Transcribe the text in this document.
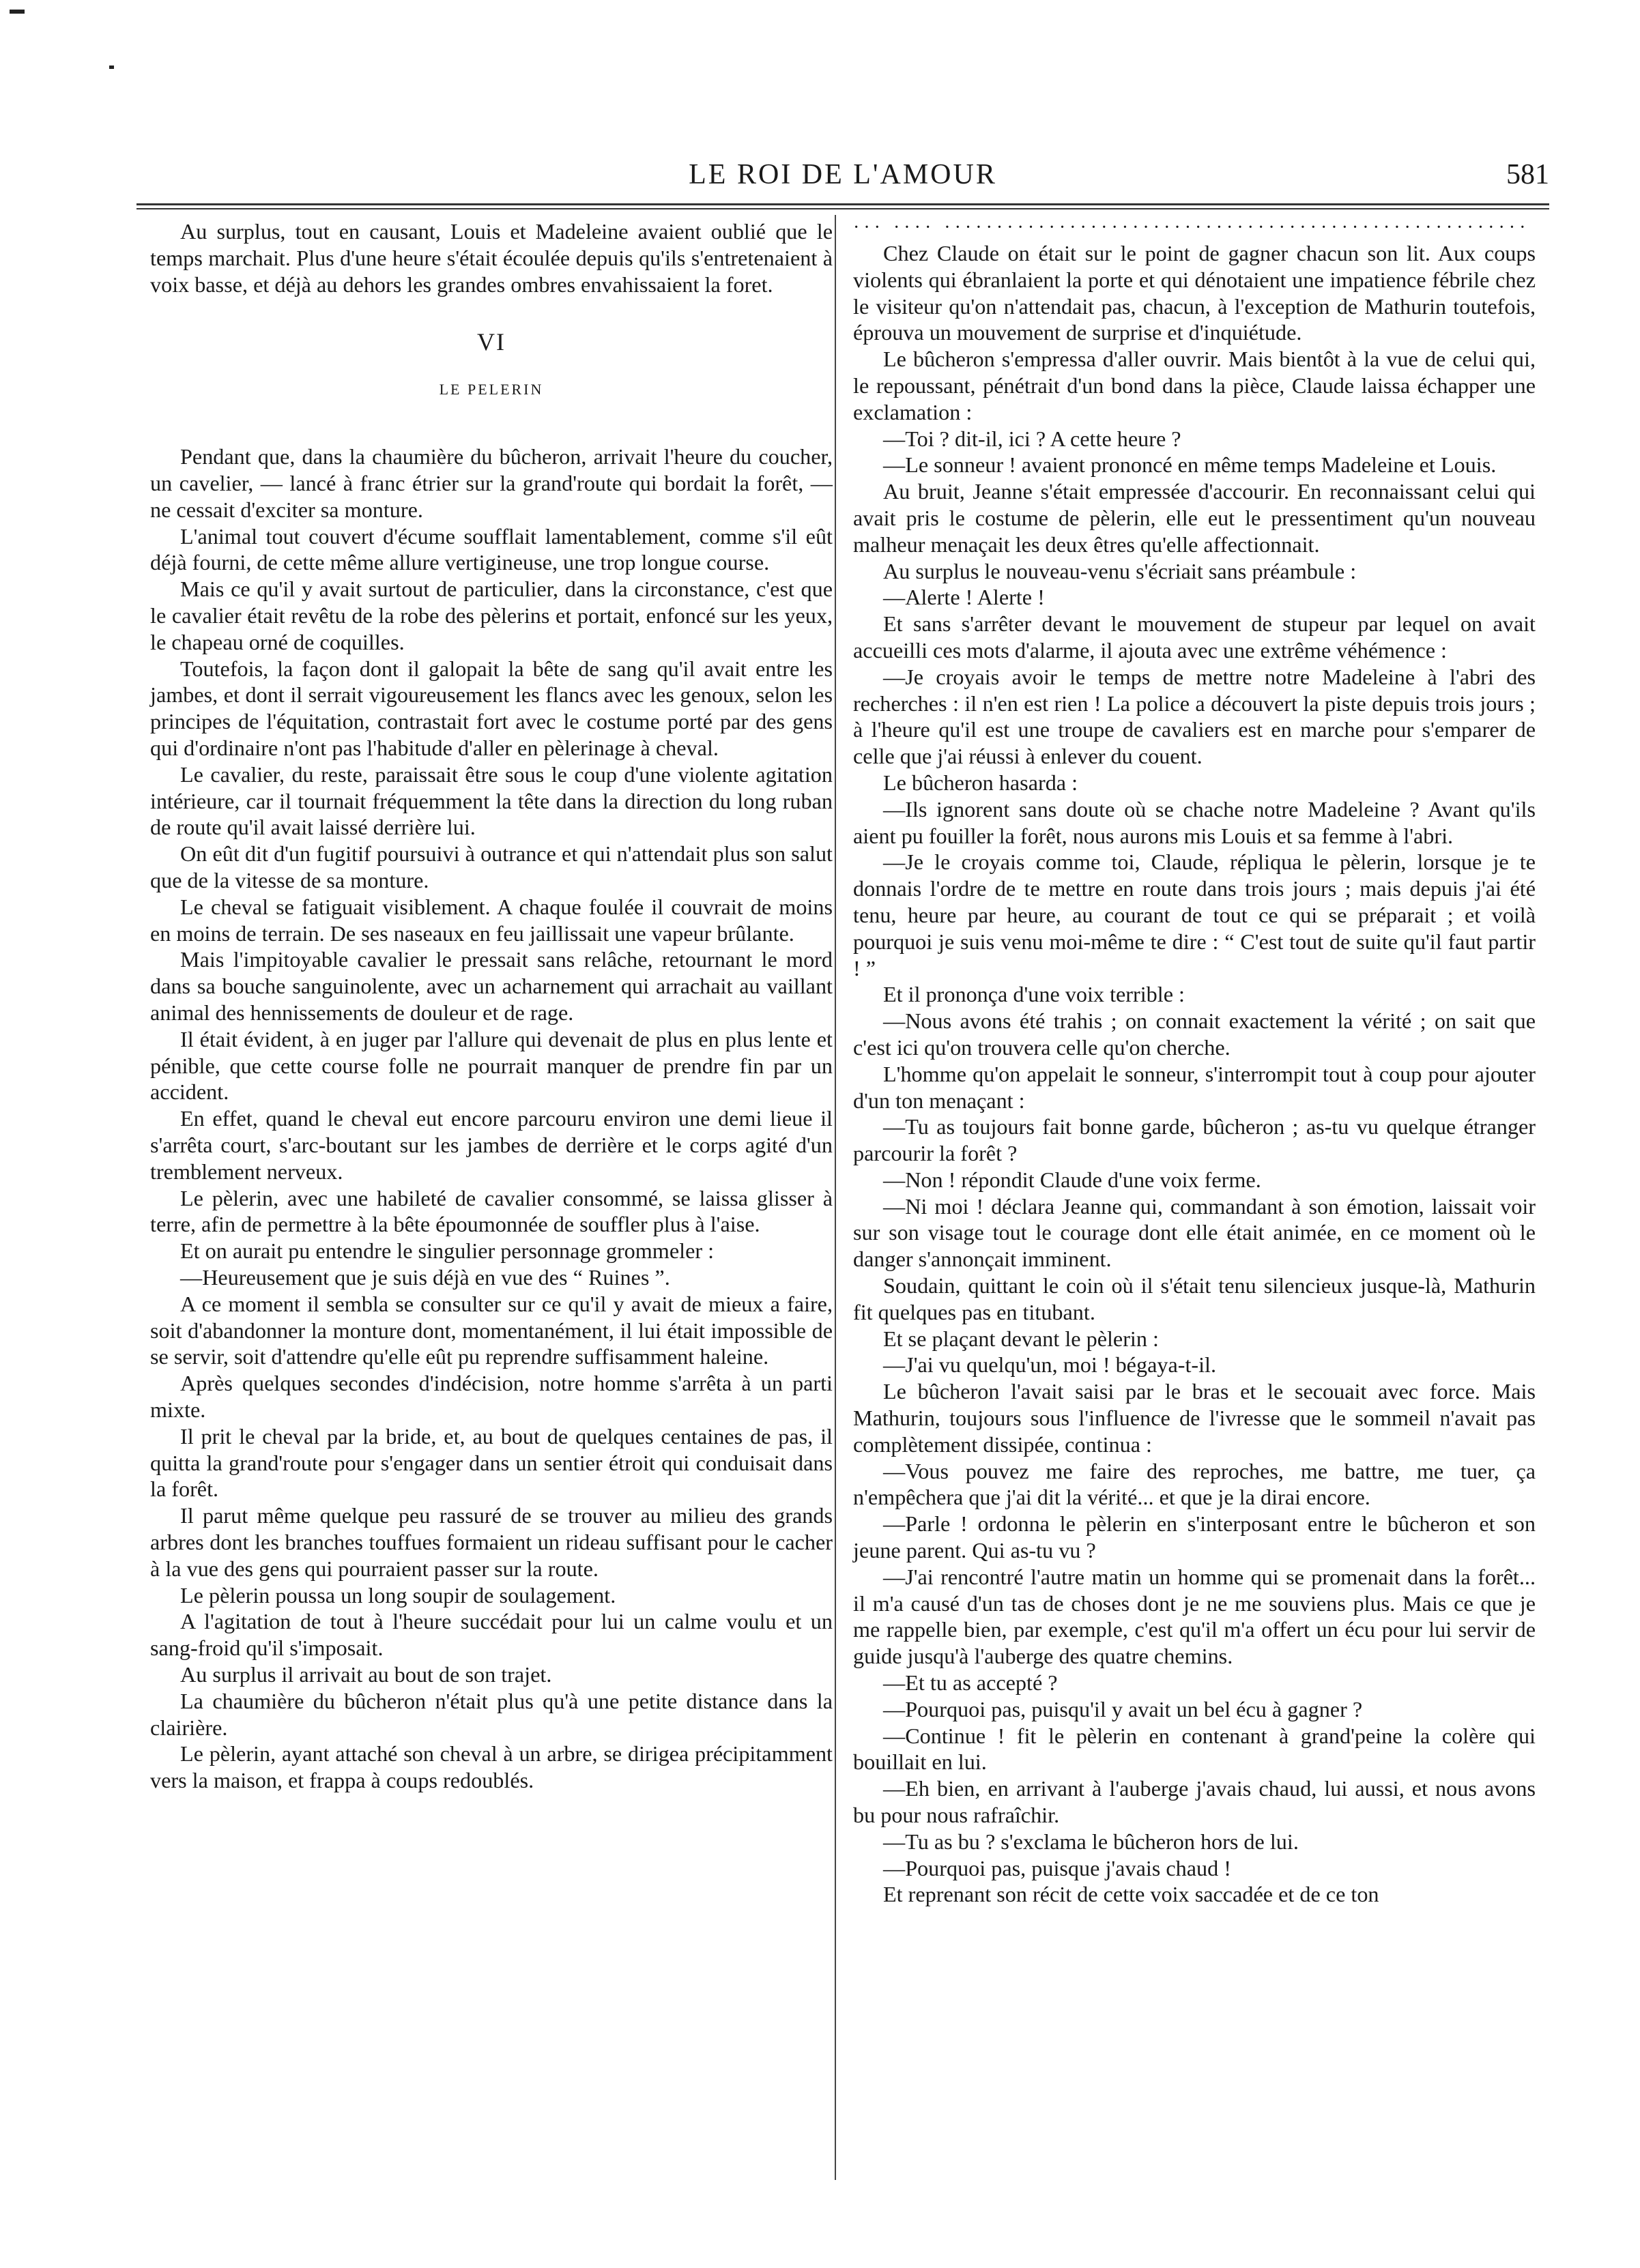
LE ROI DE L'AMOUR	581

Au surplus, tout en causant, Louis et Madeleine avaient oublié que le temps marchait. Plus d'une heure s'était écoulée depuis qu'ils s'entretenaient à voix basse, et déjà au dehors les grandes ombres envahissaient la foret.

VI
LE PELERIN

Pendant que, dans la chaumière du bûcheron, arrivait l'heure du coucher, un cavelier, — lancé à franc étrier sur la grand'route qui bordait la forêt, — ne cessait d'exciter sa monture.

L'animal tout couvert d'écume soufflait lamentablement, comme s'il eût déjà fourni, de cette même allure vertigineuse, une trop longue course.

Mais ce qu'il y avait surtout de particulier, dans la circonstance, c'est que le cavalier était revêtu de la robe des pèlerins et portait, enfoncé sur les yeux, le chapeau orné de coquilles.

Toutefois, la façon dont il galopait la bête de sang qu'il avait entre les jambes, et dont il serrait vigoureusement les flancs avec les genoux, selon les principes de l'équitation, contrastait fort avec le costume porté par des gens qui d'ordinaire n'ont pas l'habitude d'aller en pèlerinage à cheval.

Le cavalier, du reste, paraissait être sous le coup d'une violente agitation intérieure, car il tournait fréquemment la tête dans la direction du long ruban de route qu'il avait laissé derrière lui.

On eût dit d'un fugitif poursuivi à outrance et qui n'attendait plus son salut que de la vitesse de sa monture.

Le cheval se fatiguait visiblement. A chaque foulée il couvrait de moins en moins de terrain. De ses naseaux en feu jaillissait une vapeur brûlante.

Mais l'impitoyable cavalier le pressait sans relâche, retournant le mord dans sa bouche sanguinolente, avec un acharnement qui arrachait au vaillant animal des hennissements de douleur et de rage.

Il était évident, à en juger par l'allure qui devenait de plus en plus lente et pénible, que cette course folle ne pourrait manquer de prendre fin par un accident.

En effet, quand le cheval eut encore parcouru environ une demi lieue il s'arrêta court, s'arc-boutant sur les jambes de derrière et le corps agité d'un tremblement nerveux.

Le pèlerin, avec une habileté de cavalier consommé, se laissa glisser à terre, afin de permettre à la bête époumonnée de souffler plus à l'aise.

Et on aurait pu entendre le singulier personnage grommeler :

—Heureusement que je suis déjà en vue des “ Ruines ”.

A ce moment il sembla se consulter sur ce qu'il y avait de mieux a faire, soit d'abandonner la monture dont, momentanément, il lui était impossible de se servir, soit d'attendre qu'elle eût pu reprendre suffisamment haleine.

Après quelques secondes d'indécision, notre homme s'arrêta à un parti mixte.

Il prit le cheval par la bride, et, au bout de quelques centaines de pas, il quitta la grand'route pour s'engager dans un sentier étroit qui conduisait dans la forêt.

Il parut même quelque peu rassuré de se trouver au milieu des grands arbres dont les branches touffues formaient un rideau suffisant pour le cacher à la vue des gens qui pourraient passer sur la route.

Le pèlerin poussa un long soupir de soulagement.

A l'agitation de tout à l'heure succédait pour lui un calme voulu et un sang-froid qu'il s'imposait.

Au surplus il arrivait au bout de son trajet.

La chaumière du bûcheron n'était plus qu'à une petite distance dans la clairière.

Le pèlerin, ayant attaché son cheval à un arbre, se dirigea précipitamment vers la maison, et frappa à coups redoublés.

··· ···· ························································

Chez Claude on était sur le point de gagner chacun son lit. Aux coups violents qui ébranlaient la porte et qui dénotaient une impatience fébrile chez le visiteur qu'on n'attendait pas, chacun, à l'exception de Mathurin toutefois, éprouva un mouvement de surprise et d'inquiétude.

Le bûcheron s'empressa d'aller ouvrir. Mais bientôt à la vue de celui qui, le repoussant, pénétrait d'un bond dans la pièce, Claude laissa échapper une exclamation :

—Toi ? dit-il, ici ? A cette heure ?

—Le sonneur ! avaient prononcé en même temps Madeleine et Louis.

Au bruit, Jeanne s'était empressée d'accourir. En reconnaissant celui qui avait pris le costume de pèlerin, elle eut le pressentiment qu'un nouveau malheur menaçait les deux êtres qu'elle affectionnait.

Au surplus le nouveau-venu s'écriait sans préambule :

—Alerte ! Alerte !

Et sans s'arrêter devant le mouvement de stupeur par lequel on avait accueilli ces mots d'alarme, il ajouta avec une extrême véhémence :

—Je croyais avoir le temps de mettre notre Madeleine à l'abri des recherches : il n'en est rien ! La police a découvert la piste depuis trois jours ; à l'heure qu'il est une troupe de cavaliers est en marche pour s'emparer de celle que j'ai réussi à enlever du couent.

Le bûcheron hasarda :

—Ils ignorent sans doute où se chache notre Madeleine ? Avant qu'ils aient pu fouiller la forêt, nous aurons mis Louis et sa femme à l'abri.

—Je le croyais comme toi, Claude, répliqua le pèlerin, lorsque je te donnais l'ordre de te mettre en route dans trois jours ; mais depuis j'ai été tenu, heure par heure, au courant de tout ce qui se préparait ; et voilà pourquoi je suis venu moi-même te dire : “ C'est tout de suite qu'il faut partir ! ”

Et il prononça d'une voix terrible :

—Nous avons été trahis ; on connait exactement la vérité ; on sait que c'est ici qu'on trouvera celle qu'on cherche.

L'homme qu'on appelait le sonneur, s'interrompit tout à coup pour ajouter d'un ton menaçant :

—Tu as toujours fait bonne garde, bûcheron ; as-tu vu quelque étranger parcourir la forêt ?

—Non ! répondit Claude d'une voix ferme.

—Ni moi ! déclara Jeanne qui, commandant à son émotion, laissait voir sur son visage tout le courage dont elle était animée, en ce moment où le danger s'annonçait imminent.

Soudain, quittant le coin où il s'était tenu silencieux jusque-là, Mathurin fit quelques pas en titubant.

Et se plaçant devant le pèlerin :

—J'ai vu quelqu'un, moi ! bégaya-t-il.

Le bûcheron l'avait saisi par le bras et le secouait avec force. Mais Mathurin, toujours sous l'influence de l'ivresse que le sommeil n'avait pas complètement dissipée, continua :

—Vous pouvez me faire des reproches, me battre, me tuer, ça n'empêchera que j'ai dit la vérité... et que je la dirai encore.

—Parle ! ordonna le pèlerin en s'interposant entre le bûcheron et son jeune parent. Qui as-tu vu ?

—J'ai rencontré l'autre matin un homme qui se promenait dans la forêt... il m'a causé d'un tas de choses dont je ne me souviens plus. Mais ce que je me rappelle bien, par exemple, c'est qu'il m'a offert un écu pour lui servir de guide jusqu'à l'auberge des quatre chemins.

—Et tu as accepté ?

—Pourquoi pas, puisqu'il y avait un bel écu à gagner ?

—Continue ! fit le pèlerin en contenant à grand'peine la colère qui bouillait en lui.

—Eh bien, en arrivant à l'auberge j'avais chaud, lui aussi, et nous avons bu pour nous rafraîchir.

—Tu as bu ? s'exclama le bûcheron hors de lui.

—Pourquoi pas, puisque j'avais chaud !

Et reprenant son récit de cette voix saccadée et de ce ton
